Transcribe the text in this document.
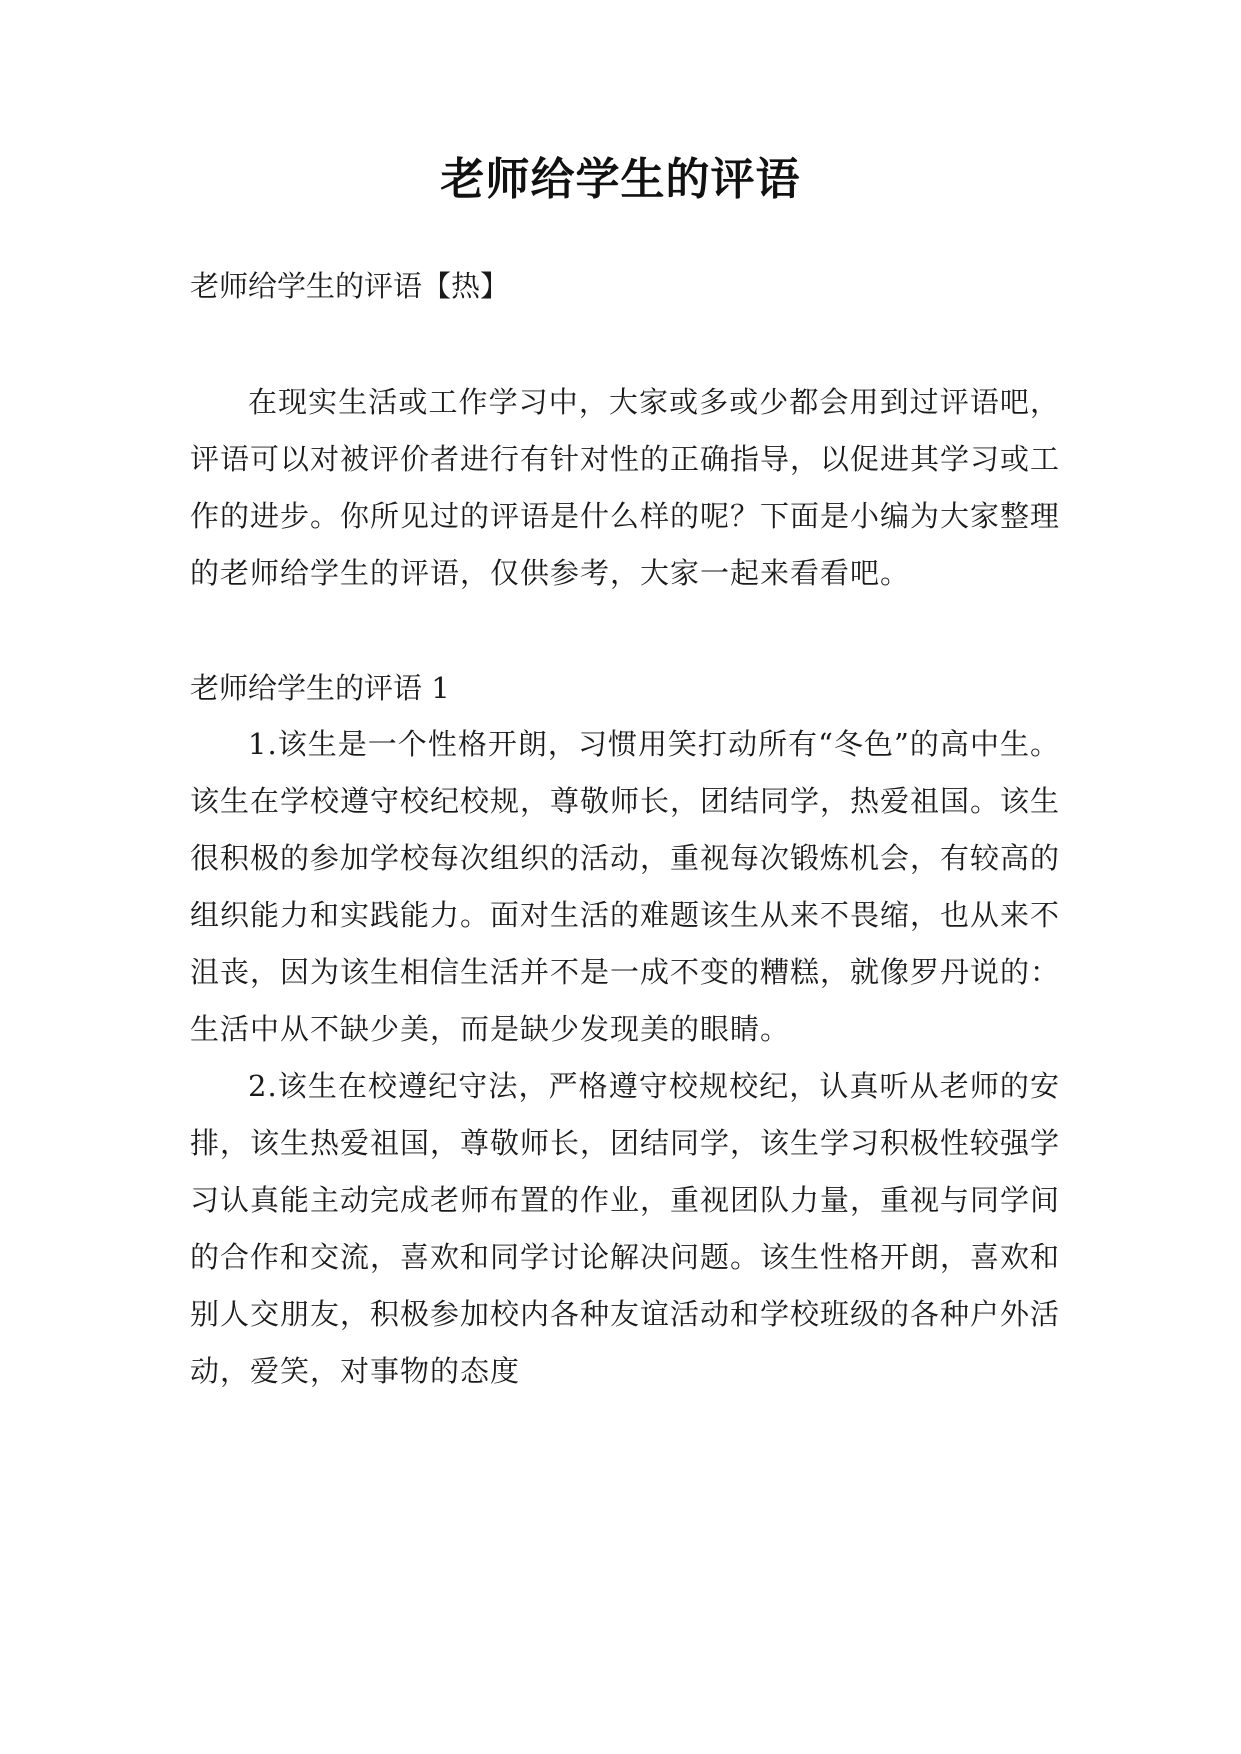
老师给学生的评语

老师给学生的评语【热】

在现实生活或工作学习中，大家或多或少都会用到过评语吧，评语可以对被评价者进行有针对性的正确指导，以促进其学习或工作的进步。你所见过的评语是什么样的呢？下面是小编为大家整理的老师给学生的评语，仅供参考，大家一起来看看吧。

老师给学生的评语 1

1.该生是一个性格开朗，习惯用笑打动所有“冬色”的高中生。该生在学校遵守校纪校规，尊敬师长，团结同学，热爱祖国。该生很积极的参加学校每次组织的活动，重视每次锻炼机会，有较高的组织能力和实践能力。面对生活的难题该生从来不畏缩，也从来不沮丧，因为该生相信生活并不是一成不变的糟糕，就像罗丹说的：生活中从不缺少美，而是缺少发现美的眼睛。

2.该生在校遵纪守法，严格遵守校规校纪，认真听从老师的安排，该生热爱祖国，尊敬师长，团结同学，该生学习积极性较强学习认真能主动完成老师布置的作业，重视团队力量，重视与同学间的合作和交流，喜欢和同学讨论解决问题。该生性格开朗，喜欢和别人交朋友，积极参加校内各种友谊活动和学校班级的各种户外活动，爱笑，对事物的态度
